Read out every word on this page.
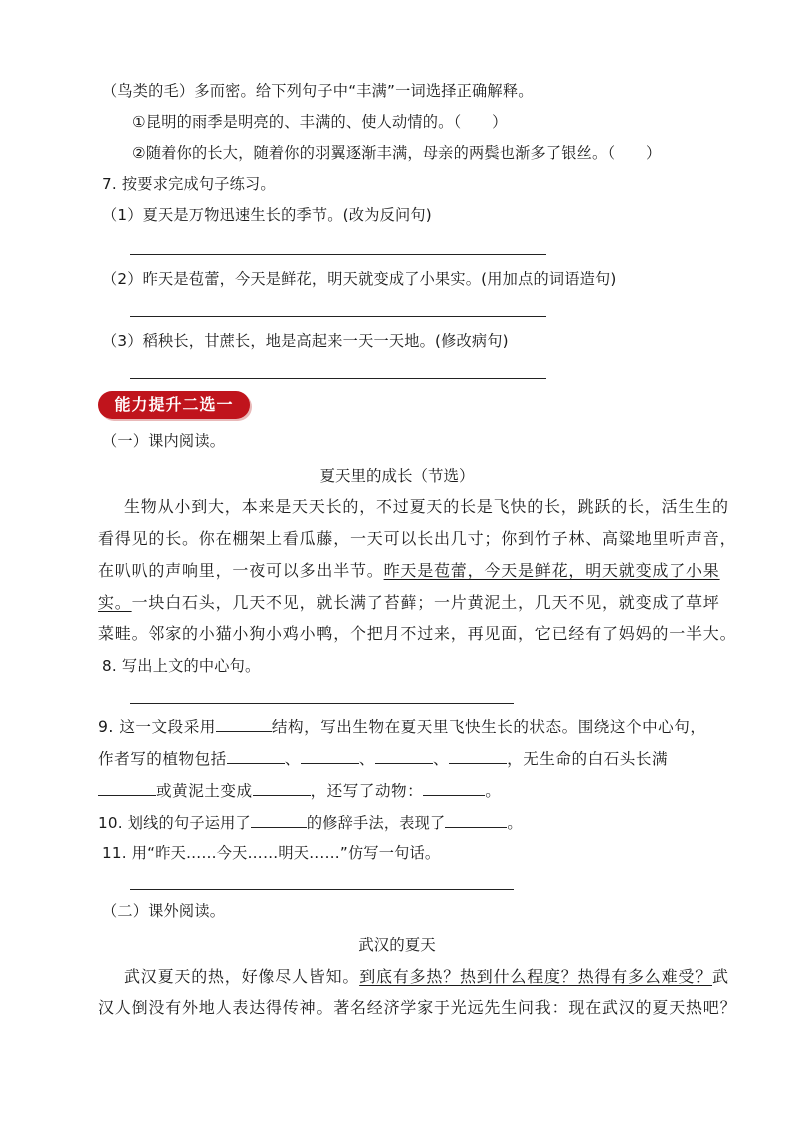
（鸟类的毛）多而密。给下列句子中“丰满”一词选择正确解释。
①昆明的雨季是明亮的、丰满的、使人动情的。（　　）
②随着你的长大，随着你的羽翼逐渐丰满，母亲的两鬓也渐多了银丝。（　　）
7. 按要求完成句子练习。
（1）夏天是万物迅速生长的季节。(改为反问句)
（2）昨天是苞蕾，今天是鲜花，明天就变成了小果实。(用加点的词语造句)
（3）稻秧长，甘蔗长，地是高起来一天一天地。(修改病句)
能力提升二选一
（一）课内阅读。
夏天里的成长（节选）
生物从小到大，本来是天天长的，不过夏天的长是飞快的长，跳跃的长，活生生的
看得见的长。你在棚架上看瓜藤，一天可以长出几寸；你到竹子林、高粱地里听声音，
在叭叭的声响里，一夜可以多出半节。昨天是苞蕾，今天是鲜花，明天就变成了小果
实。一块白石头，几天不见，就长满了苔藓；一片黄泥土，几天不见，就变成了草坪
菜畦。邻家的小猫小狗小鸡小鸭，个把月不过来，再见面，它已经有了妈妈的一半大。
8. 写出上文的中心句。
9. 这一文段采用	结构，写出生物在夏天里飞快生长的状态。围绕这个中心句，
作者写的植物包括	、	、	、	，无生命的白石头长满
或黄泥土变成	，还写了动物：	。
10. 划线的句子运用了	的修辞手法，表现了	。
11. 用“昨天……今天……明天……”仿写一句话。
（二）课外阅读。
武汉的夏天
武汉夏天的热，好像尽人皆知。到底有多热？热到什么程度？热得有多么难受？武
汉人倒没有外地人表达得传神。著名经济学家于光远先生问我：现在武汉的夏天热吧？
